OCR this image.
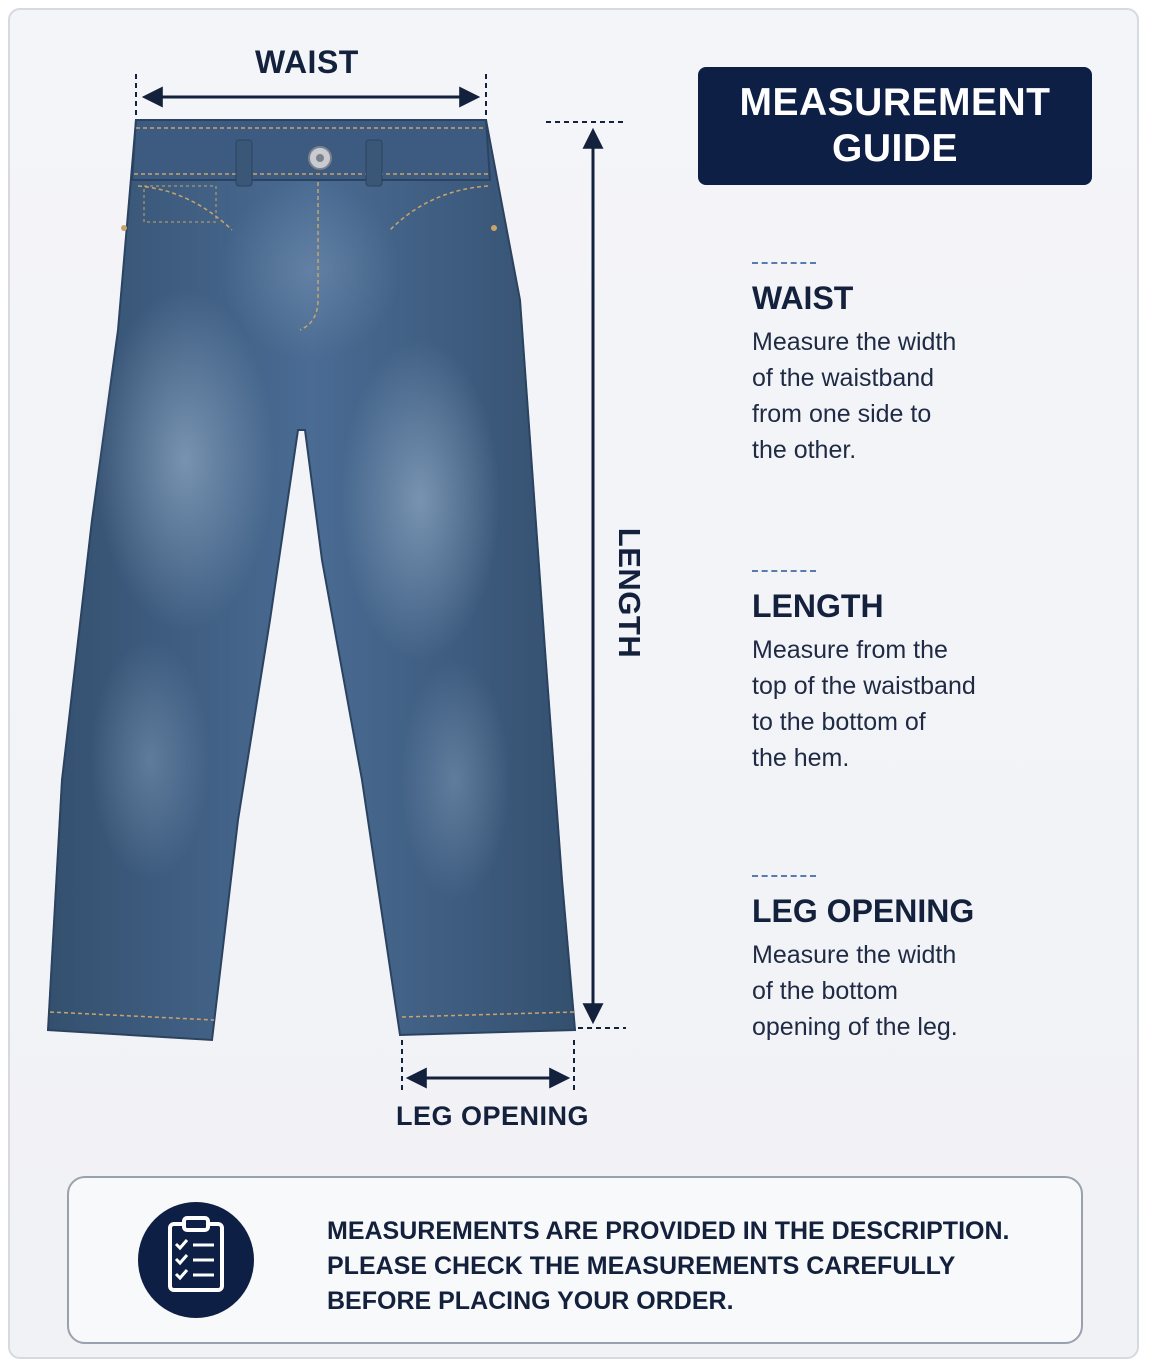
WAIST
LENGTH
LEG OPENING
MEASUREMENT
GUIDE
WAIST
Measure the width
of the waistband
from one side to
the other.
LENGTH
Measure from the
top of the waistband
to the bottom of
the hem.
LEG OPENING
Measure the width
of the bottom
opening of the leg.
MEASUREMENTS ARE PROVIDED IN THE DESCRIPTION.
PLEASE CHECK THE MEASUREMENTS CAREFULLY
BEFORE PLACING YOUR ORDER.
